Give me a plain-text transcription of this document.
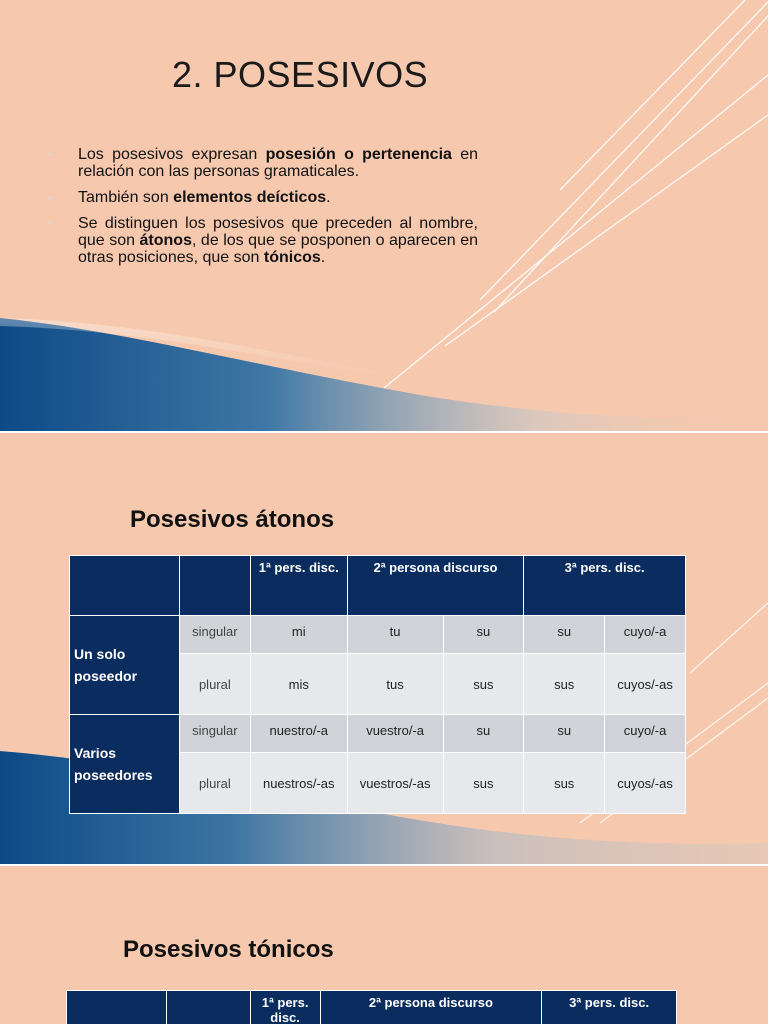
2. POSESIVOS
• Los posesivos expresan posesión o pertenencia en relación con las personas gramaticales.
• También son elementos deícticos.
• Se distinguen los posesivos que preceden al nombre, que son átonos, de los que se posponen o aparecen en otras posiciones, que son tónicos.
Posesivos átonos
		1ª pers. disc.	2ª persona discurso		3ª pers. disc.	
Un solo poseedor	singular	mi	tu	su	su	cuyo/-a
	plural	mis	tus	sus	sus	cuyos/-as
Varios poseedores	singular	nuestro/-a	vuestro/-a	su	su	cuyo/-a
	plural	nuestros/-as	vuestros/-as	sus	sus	cuyos/-as
Posesivos tónicos
		1ª pers. disc.	2ª persona discurso	3ª pers. disc.
